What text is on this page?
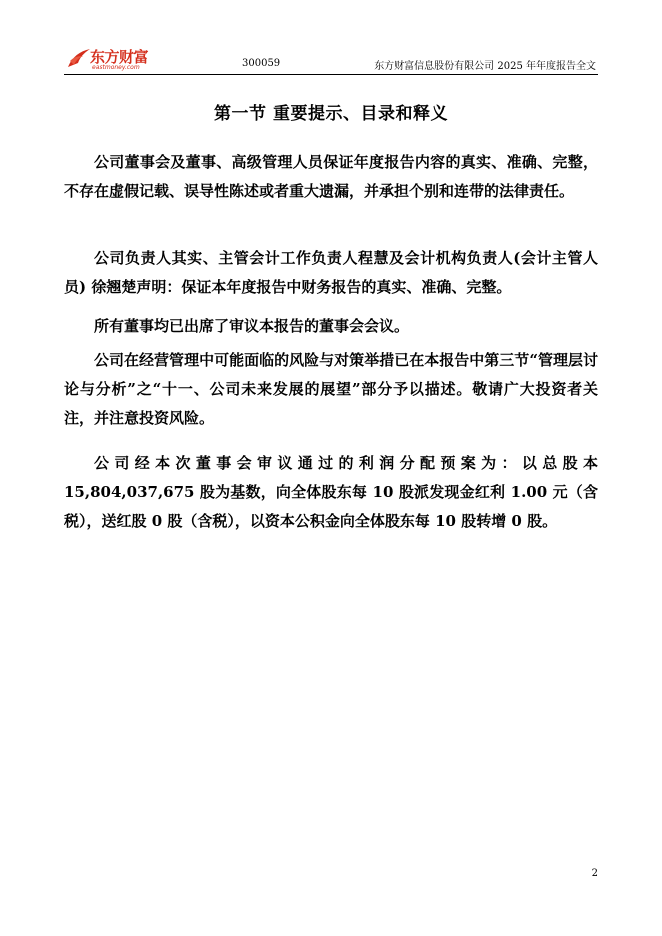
东方财富
eastmoney.com	300059	东方财富信息股份有限公司 2025 年年度报告全文
第一节 重要提示、目录和释义

公司董事会及董事、高级管理人员保证年度报告内容的真实、准确、完整，不存在虚假记载、误导性陈述或者重大遗漏，并承担个别和连带的法律责任。

公司负责人其实、主管会计工作负责人程慧及会计机构负责人(会计主管人员) 徐翘楚声明：保证本年度报告中财务报告的真实、准确、完整。

所有董事均已出席了审议本报告的董事会会议。

公司在经营管理中可能面临的风险与对策举措已在本报告中第三节“管理层讨论与分析”之“十一、公司未来发展的展望”部分予以描述。敬请广大投资者关注，并注意投资风险。

公司经本次董事会审议通过的利润分配预案为：以总股本 15,804,037,675 股为基数，向全体股东每 10 股派发现金红利 1.00 元（含税），送红股 0 股（含税），以资本公积金向全体股东每 10 股转增 0 股。

2
